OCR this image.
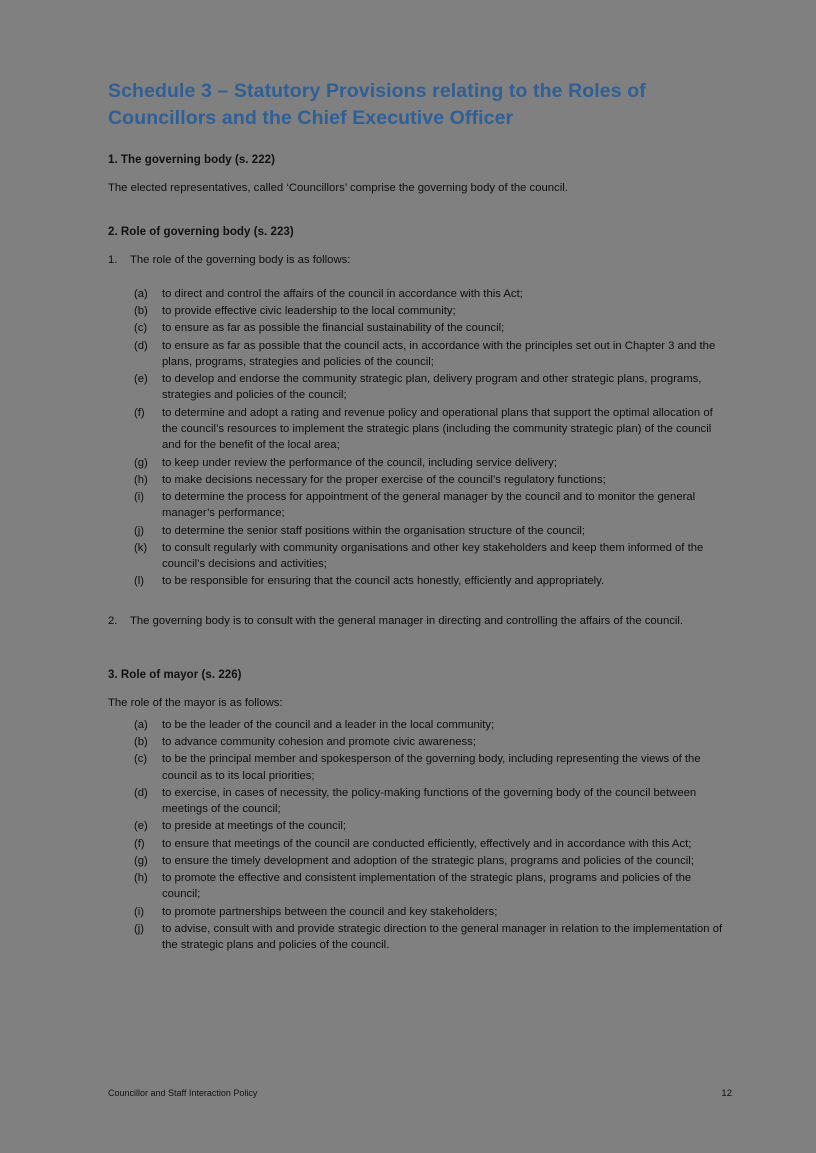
Schedule 3 – Statutory Provisions relating to the Roles of Councillors and the Chief Executive Officer
1. The governing body (s. 222)
The elected representatives, called ‘Councillors’ comprise the governing body of the council.
2. Role of governing body (s. 223)
1.	The role of the governing body is as follows:
(a)	to direct and control the affairs of the council in accordance with this Act;
(b)	to provide effective civic leadership to the local community;
(c)	to ensure as far as possible the financial sustainability of the council;
(d)	to ensure as far as possible that the council acts, in accordance with the principles set out in Chapter 3 and the plans, programs, strategies and policies of the council;
(e)	to develop and endorse the community strategic plan, delivery program and other strategic plans, programs, strategies and policies of the council;
(f)	to determine and adopt a rating and revenue policy and operational plans that support the optimal allocation of the council’s resources to implement the strategic plans (including the community strategic plan) of the council and for the benefit of the local area;
(g)	to keep under review the performance of the council, including service delivery;
(h)	to make decisions necessary for the proper exercise of the council’s regulatory functions;
(i)	to determine the process for appointment of the general manager by the council and to monitor the general manager’s performance;
(j)	to determine the senior staff positions within the organisation structure of the council;
(k)	to consult regularly with community organisations and other key stakeholders and keep them informed of the council’s decisions and activities;
(l)	to be responsible for ensuring that the council acts honestly, efficiently and appropriately.
2.	The governing body is to consult with the general manager in directing and controlling the affairs of the council.
3. Role of mayor (s. 226)
The role of the mayor is as follows:
(a)	to be the leader of the council and a leader in the local community;
(b)	to advance community cohesion and promote civic awareness;
(c)	to be the principal member and spokesperson of the governing body, including representing the views of the council as to its local priorities;
(d)	to exercise, in cases of necessity, the policy-making functions of the governing body of the council between meetings of the council;
(e)	to preside at meetings of the council;
(f)	to ensure that meetings of the council are conducted efficiently, effectively and in accordance with this Act;
(g)	to ensure the timely development and adoption of the strategic plans, programs and policies of the council;
(h)	to promote the effective and consistent implementation of the strategic plans, programs and policies of the council;
(i)	to promote partnerships between the council and key stakeholders;
(j)	to advise, consult with and provide strategic direction to the general manager in relation to the implementation of the strategic plans and policies of the council.
Councillor and Staff Interaction Policy	12
